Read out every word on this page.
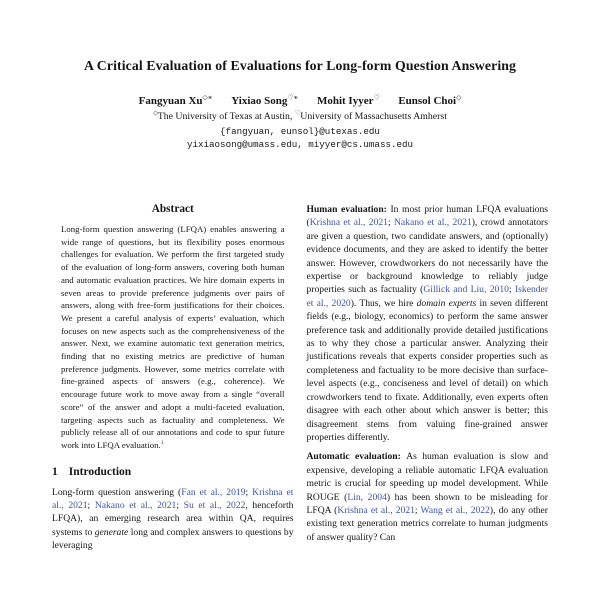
A Critical Evaluation of Evaluations for Long-form Question Answering
Fangyuan Xu◇∗ Yixiao Song♡∗ Mohit Iyyer♡ Eunsol Choi◇
◇The University of Texas at Austin, ♡University of Massachusetts Amherst
{fangyuan, eunsol}@utexas.edu
yixiaosong@umass.edu, miyyer@cs.umass.edu
Abstract

Long-form question answering (LFQA) enables answering a wide range of questions, but its flexibility poses enormous challenges for evaluation. We perform the first targeted study of the evaluation of long-form answers, covering both human and automatic evaluation practices. We hire domain experts in seven areas to provide preference judgments over pairs of answers, along with free-form justifications for their choices. We present a careful analysis of experts’ evaluation, which focuses on new aspects such as the comprehensiveness of the answer. Next, we examine automatic text generation metrics, finding that no existing metrics are predictive of human preference judgments. However, some metrics correlate with fine-grained aspects of answers (e.g., coherence). We encourage future work to move away from a single “overall score” of the answer and adopt a multi-faceted evaluation, targeting aspects such as factuality and completeness. We publicly release all of our annotations and code to spur future work into LFQA evaluation.$^1$

1 Introduction

Long-form question answering (Fan et al., 2019; Krishna et al., 2021; Nakano et al., 2021; Su et al., 2022, henceforth LFQA), an emerging research area within QA, requires systems to generate long and complex answers to questions by leveraging

Human evaluation: In most prior human LFQA evaluations (Krishna et al., 2021; Nakano et al., 2021), crowd annotators are given a question, two candidate answers, and (optionally) evidence documents, and they are asked to identify the better answer. However, crowdworkers do not necessarily have the expertise or background knowledge to reliably judge properties such as factuality (Gillick and Liu, 2010; Iskender et al., 2020). Thus, we hire domain experts in seven different fields (e.g., biology, economics) to perform the same answer preference task and additionally provide detailed justifications as to why they chose a particular answer. Analyzing their justifications reveals that experts consider properties such as completeness and factuality to be more decisive than surface-level aspects (e.g., conciseness and level of detail) on which crowdworkers tend to fixate. Additionally, even experts often disagree with each other about which answer is better; this disagreement stems from valuing fine-grained answer properties differently.

Automatic evaluation: As human evaluation is slow and expensive, developing a reliable automatic LFQA evaluation metric is crucial for speeding up model development. While ROUGE (Lin, 2004) has been shown to be misleading for LFQA (Krishna et al., 2021; Wang et al., 2022), do any other existing text generation metrics correlate to human judgments of answer quality? Can
